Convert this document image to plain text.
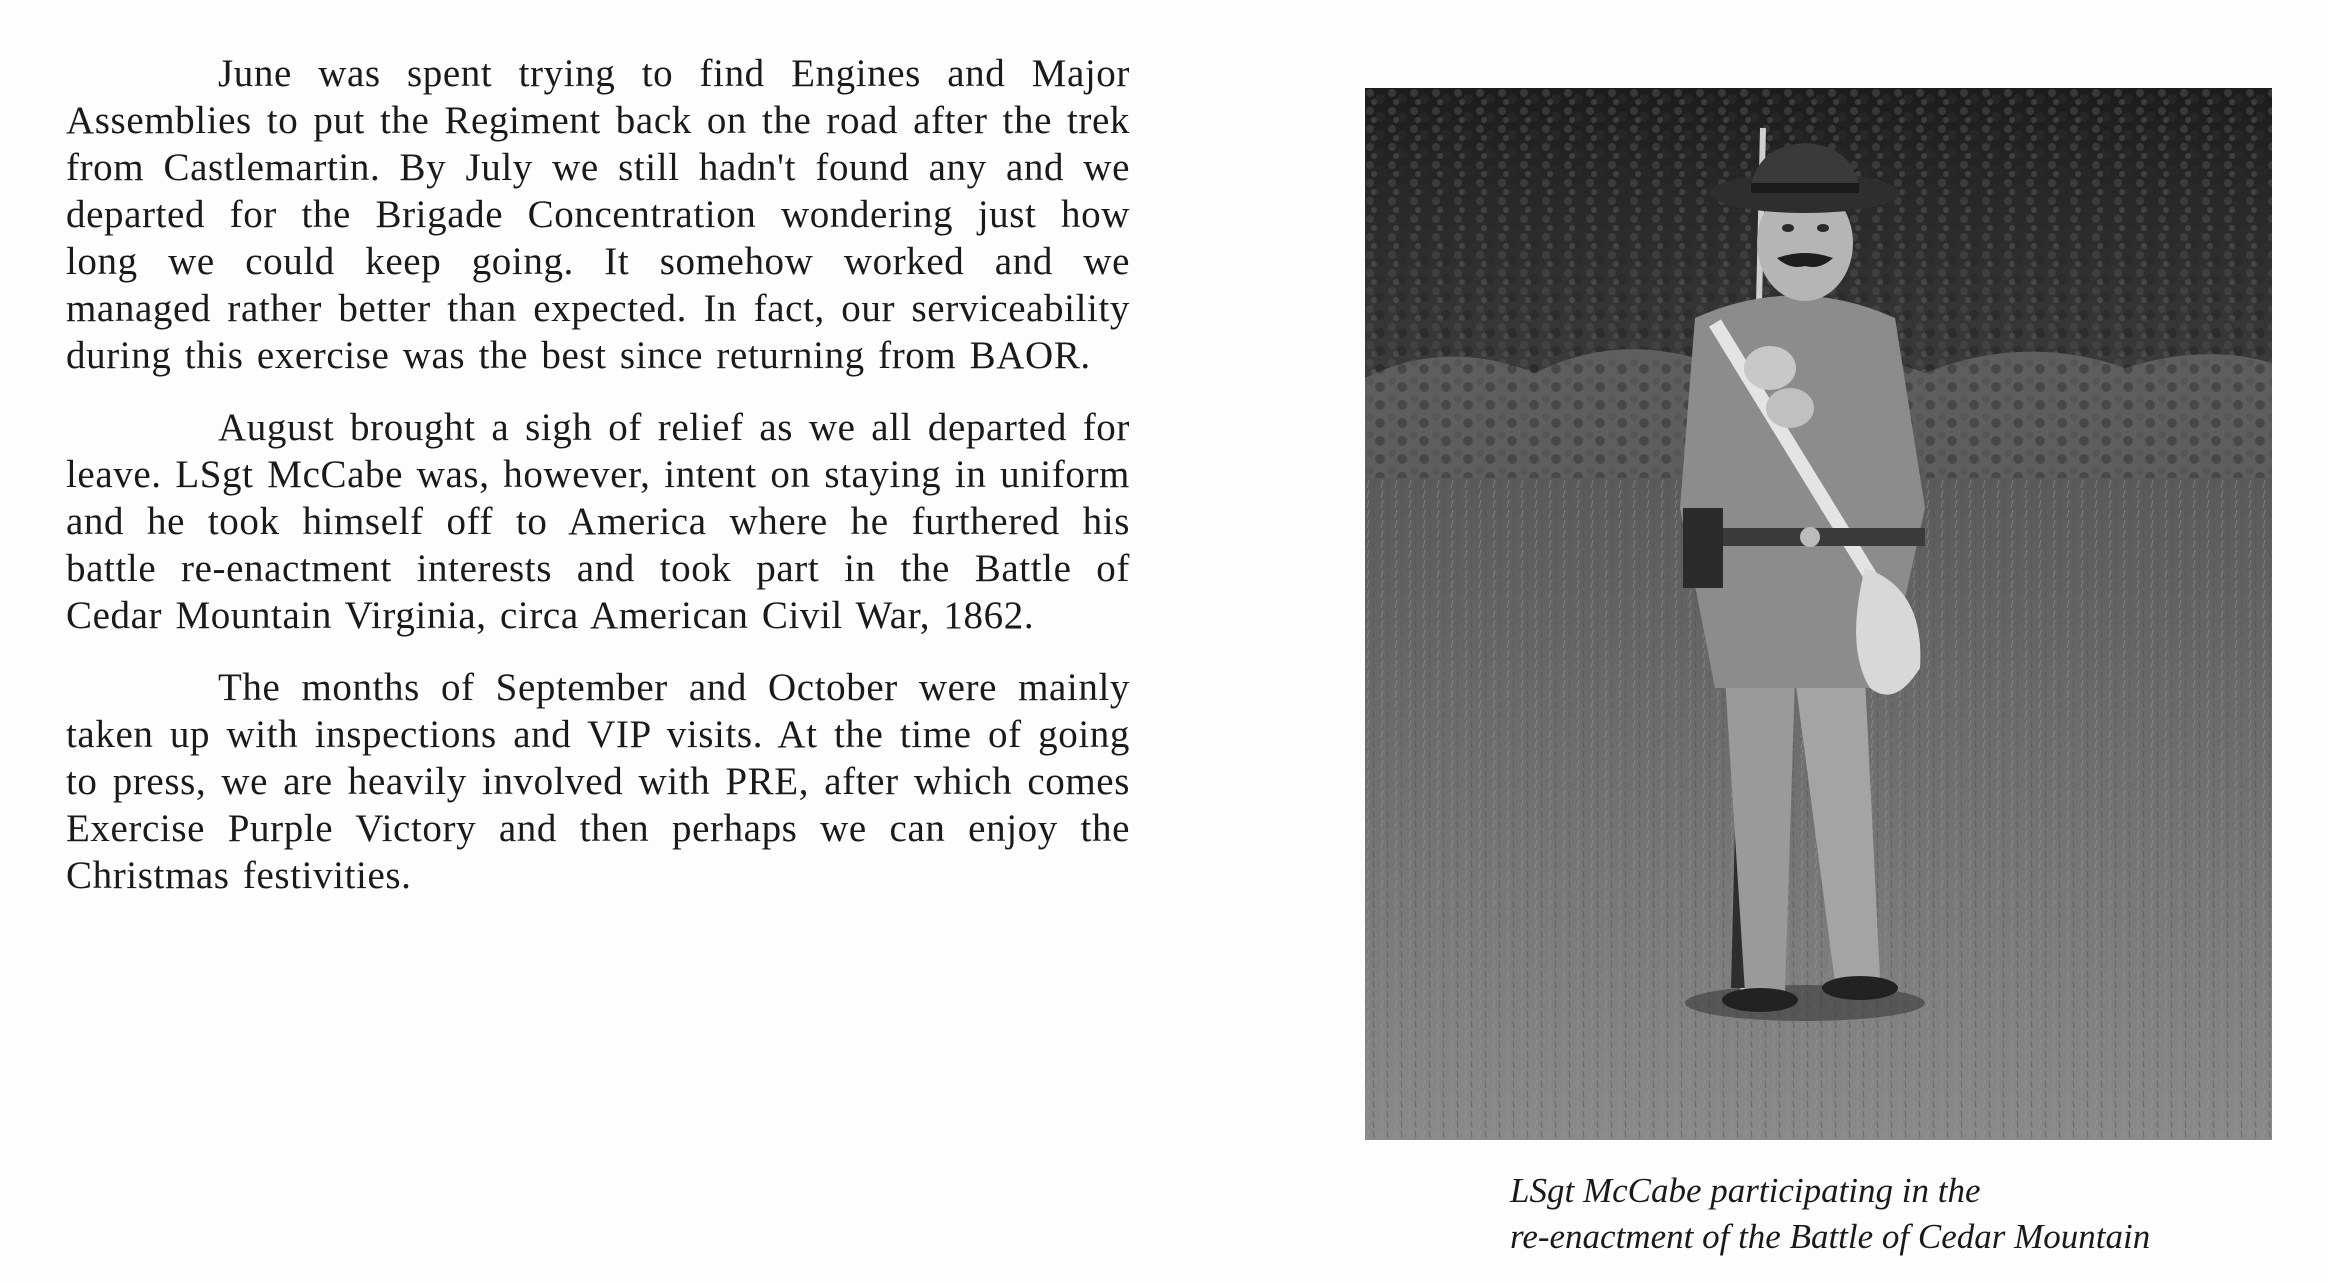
June was spent trying to find Engines and Major Assemblies to put the Regiment back on the road after the trek from Castlemartin. By July we still hadn't found any and we departed for the Brigade Concentration wondering just how long we could keep going. It somehow worked and we managed rather better than expected. In fact, our serviceability during this exercise was the best since returning from BAOR.

August brought a sigh of relief as we all departed for leave. LSgt McCabe was, however, intent on staying in uniform and he took himself off to America where he furthered his battle re-enactment interests and took part in the Battle of Cedar Mountain Virginia, circa American Civil War, 1862.

The months of September and October were mainly taken up with inspections and VIP visits. At the time of going to press, we are heavily involved with PRE, after which comes Exercise Purple Victory and then perhaps we can enjoy the Christmas festivities.

LSgt McCabe participating in the
re-enactment of the Battle of Cedar Mountain
